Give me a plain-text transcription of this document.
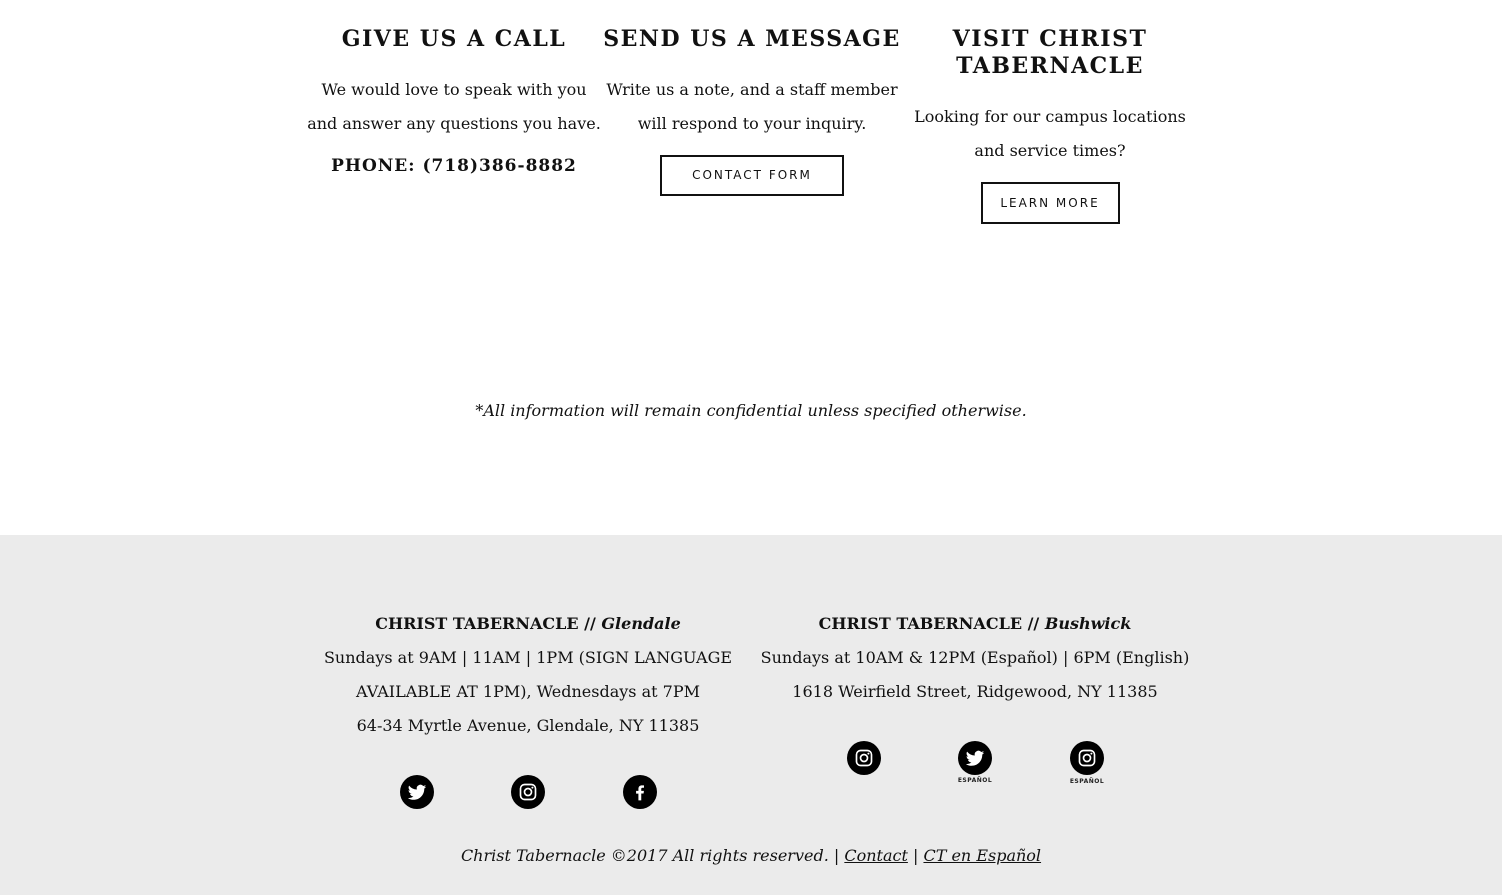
GIVE US A CALL

We would love to speak with you

and answer any questions you have.

PHONE: (718)386-8882
SEND US A MESSAGE

Write us a note, and a staff member

will respond to your inquiry.

CONTACT FORM
VISIT CHRIST
TABERNACLE

Looking for our campus locations

and service times?

LEARN MORE
*All information will remain confidential unless specified otherwise.
CHRIST TABERNACLE // Glendale
Sundays at 9AM | 11AM | 1PM (SIGN LANGUAGE
AVAILABLE AT 1PM), Wednesdays at 7PM
64-34 Myrtle Avenue, Glendale, NY 11385
CHRIST TABERNACLE // Bushwick
Sundays at 10AM & 12PM (Español) | 6PM (English)
1618 Weirfield Street, Ridgewood, NY 11385
ESPAÑOL	ESPAÑOL
Christ Tabernacle ©2017 All rights reserved. | Contact | CT en Español
